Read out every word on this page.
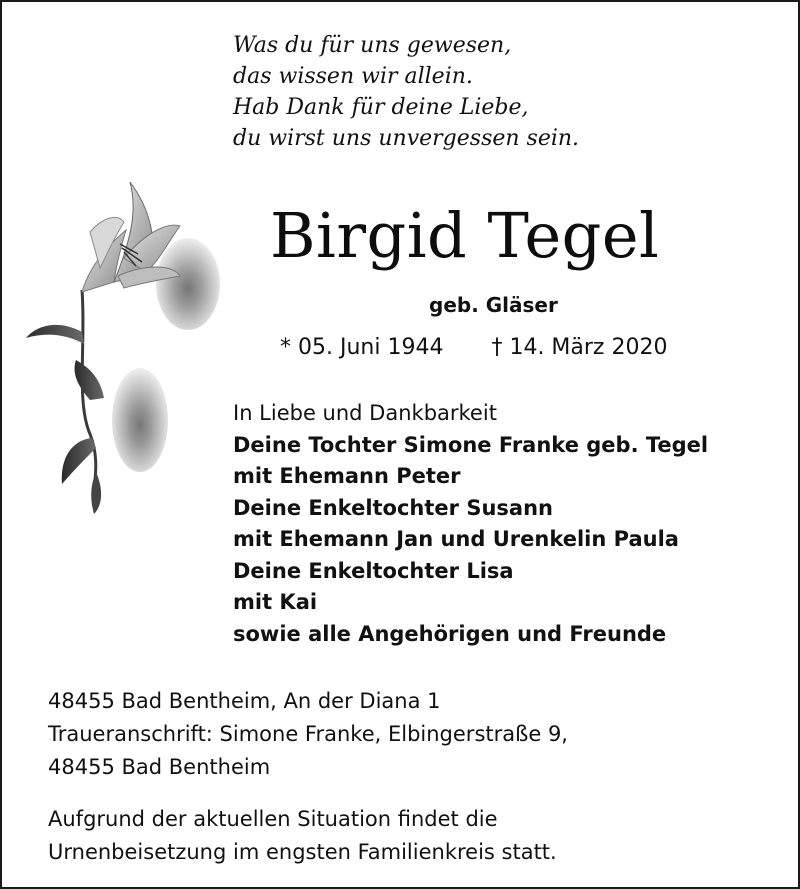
Was du für uns gewesen,
das wissen wir allein.
Hab Dank für deine Liebe,
du wirst uns unvergessen sein.
Birgid Tegel
geb. Gläser
* 05. Juni 1944 † 14. März 2020
In Liebe und Dankbarkeit
Deine Tochter Simone Franke geb. Tegel
mit Ehemann Peter
Deine Enkeltochter Susann
mit Ehemann Jan und Urenkelin Paula
Deine Enkeltochter Lisa
mit Kai
sowie alle Angehörigen und Freunde
48455 Bad Bentheim, An der Diana 1
Traueranschrift: Simone Franke, Elbingerstraße 9,
48455 Bad Bentheim
Aufgrund der aktuellen Situation findet die
Urnenbeisetzung im engsten Familienkreis statt.
